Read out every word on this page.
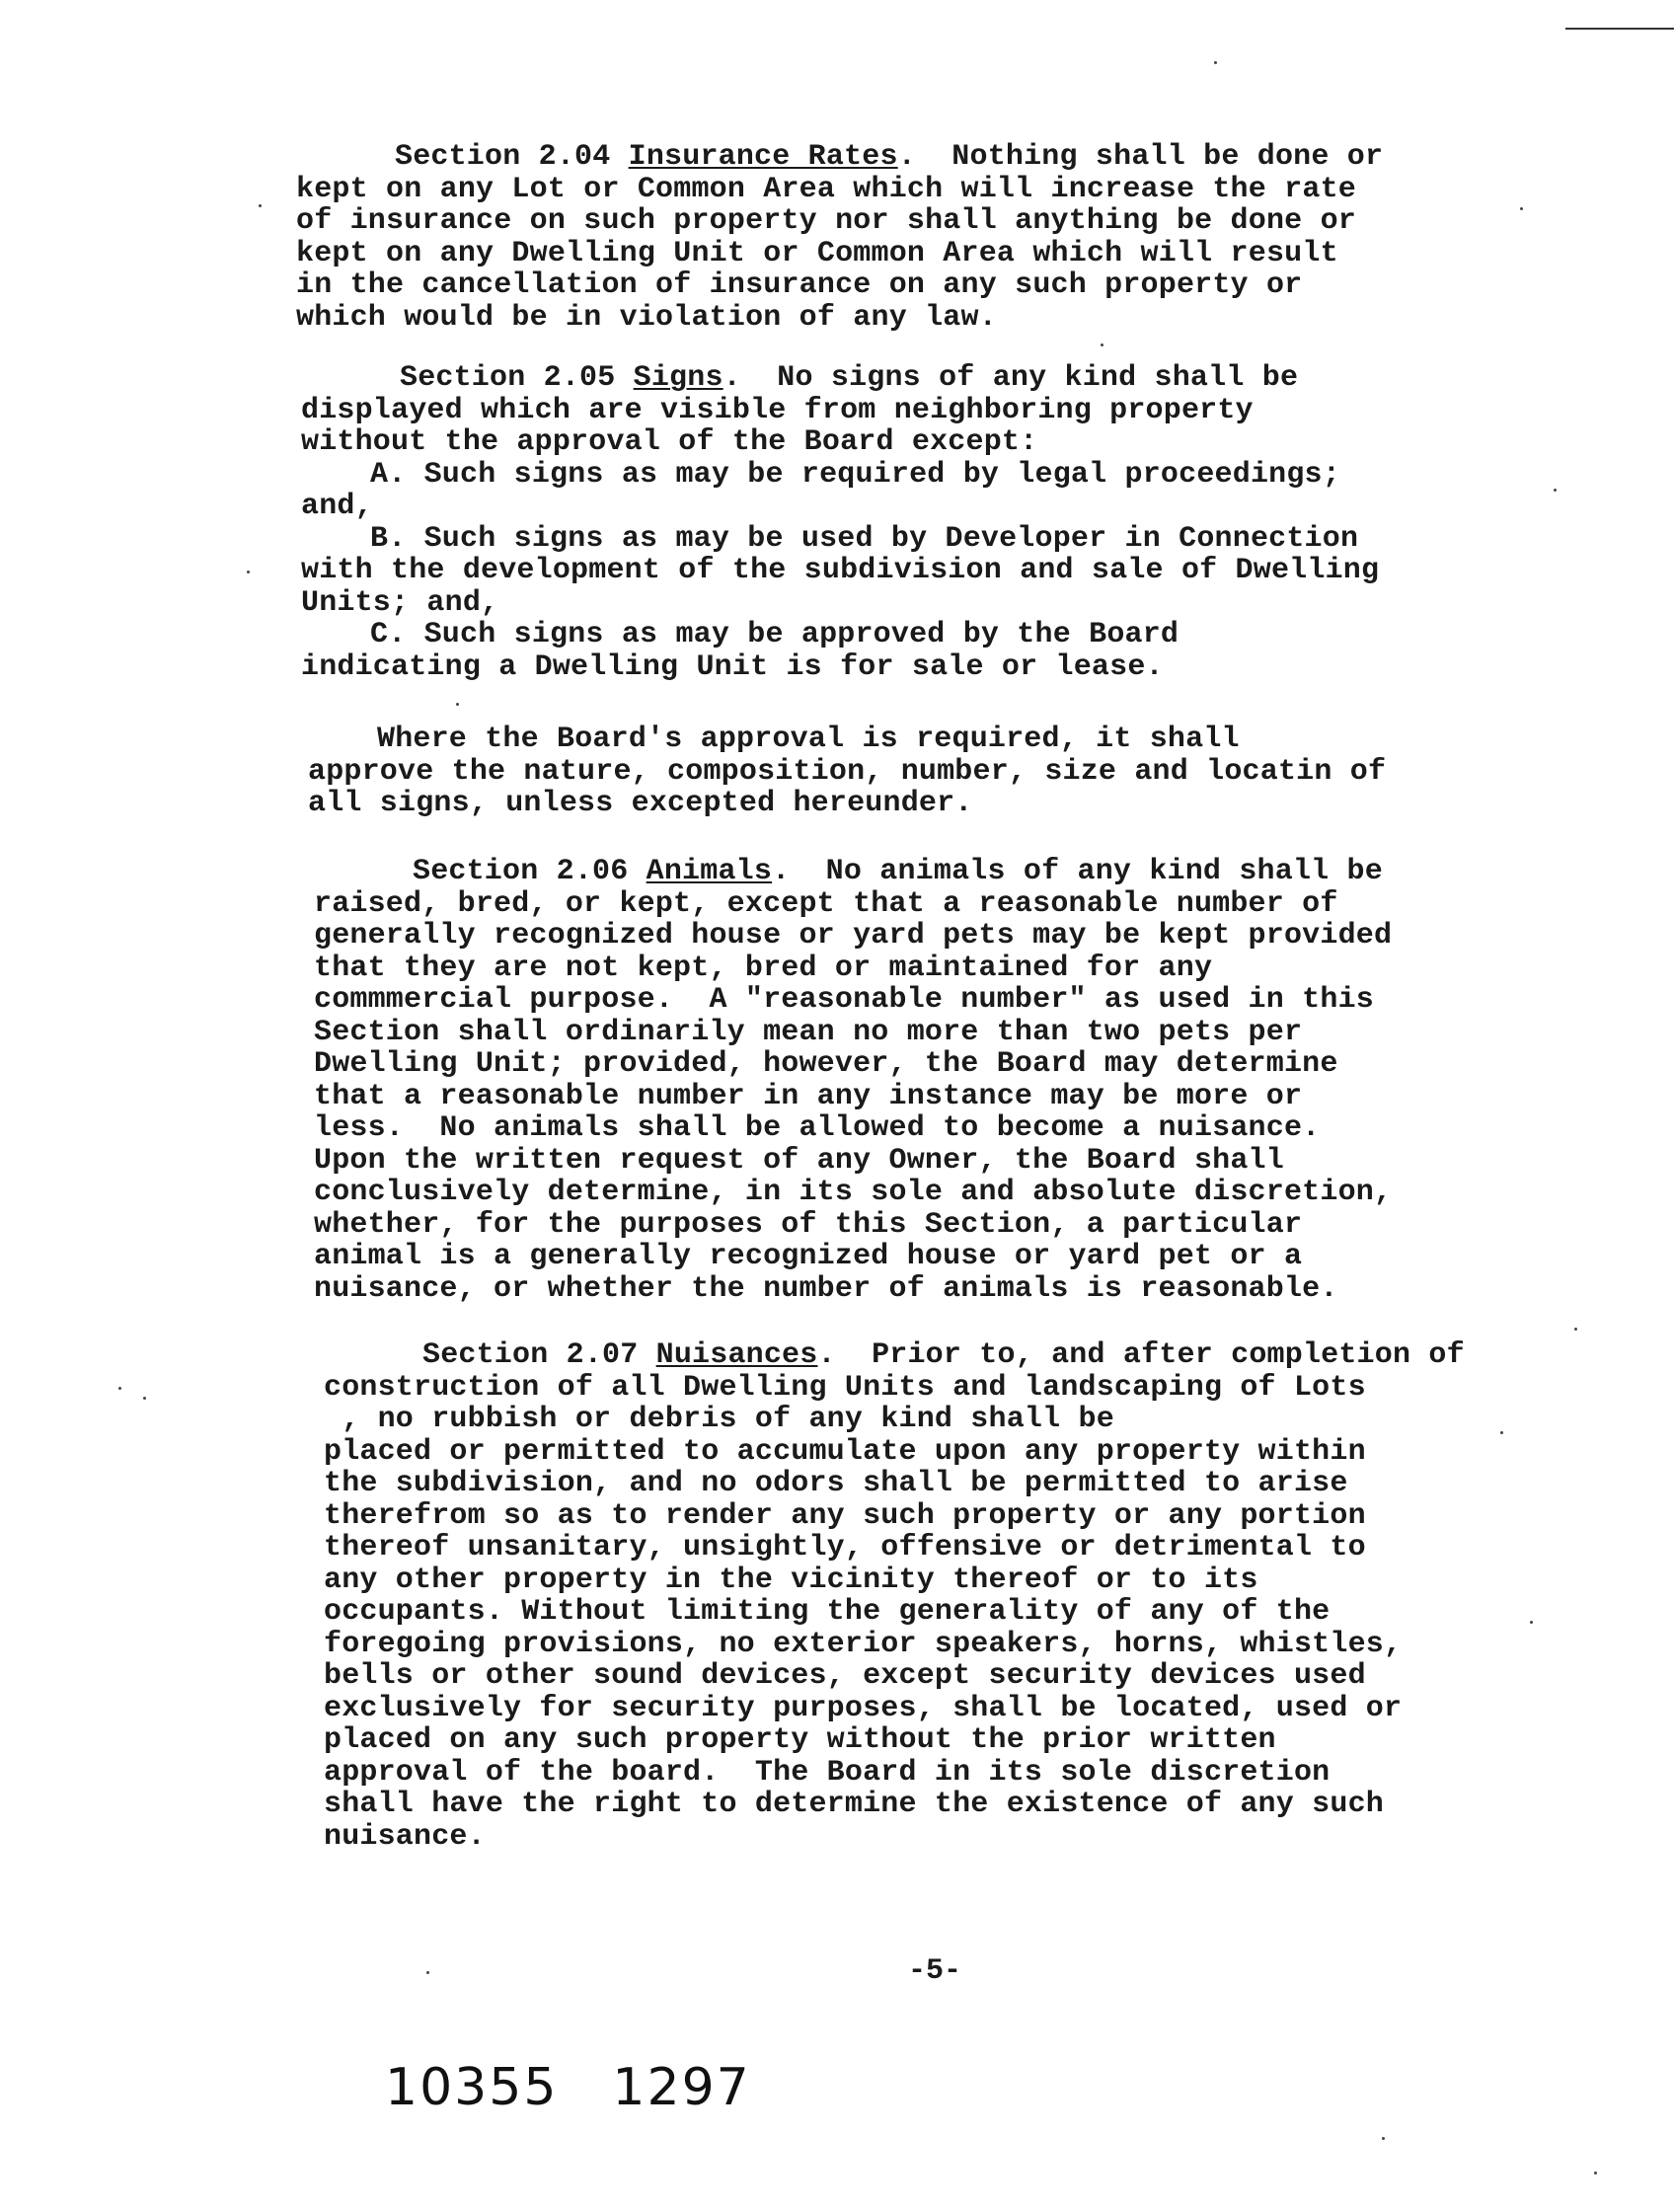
Section 2.04 Insurance Rates.  Nothing shall be done or
kept on any Lot or Common Area which will increase the rate
of insurance on such property nor shall anything be done or
kept on any Dwelling Unit or Common Area which will result
in the cancellation of insurance on any such property or
which would be in violation of any law.
Section 2.05 Signs.  No signs of any kind shall be
displayed which are visible from neighboring property
without the approval of the Board except:
A. Such signs as may be required by legal proceedings;
and,
B. Such signs as may be used by Developer in Connection
with the development of the subdivision and sale of Dwelling
Units; and,
C. Such signs as may be approved by the Board
indicating a Dwelling Unit is for sale or lease.
Where the Board's approval is required, it shall
approve the nature, composition, number, size and locatin of
all signs, unless excepted hereunder.
Section 2.06 Animals.  No animals of any kind shall be
raised, bred, or kept, except that a reasonable number of
generally recognized house or yard pets may be kept provided
that they are not kept, bred or maintained for any
commmercial purpose.  A "reasonable number" as used in this
Section shall ordinarily mean no more than two pets per
Dwelling Unit; provided, however, the Board may determine
that a reasonable number in any instance may be more or
less.  No animals shall be allowed to become a nuisance.
Upon the written request of any Owner, the Board shall
conclusively determine, in its sole and absolute discretion,
whether, for the purposes of this Section, a particular
animal is a generally recognized house or yard pet or a
nuisance, or whether the number of animals is reasonable.
Section 2.07 Nuisances.  Prior to, and after completion of
construction of all Dwelling Units and landscaping of Lots
, no rubbish or debris of any kind shall be
placed or permitted to accumulate upon any property within
the subdivision, and no odors shall be permitted to arise
therefrom so as to render any such property or any portion
thereof unsanitary, unsightly, offensive or detrimental to
any other property in the vicinity thereof or to its
occupants. Without limiting the generality of any of the
foregoing provisions, no exterior speakers, horns, whistles,
bells or other sound devices, except security devices used
exclusively for security purposes, shall be located, used or
placed on any such property without the prior written
approval of the board.  The Board in its sole discretion
shall have the right to determine the existence of any such
nuisance.
-5-
10355 1297
